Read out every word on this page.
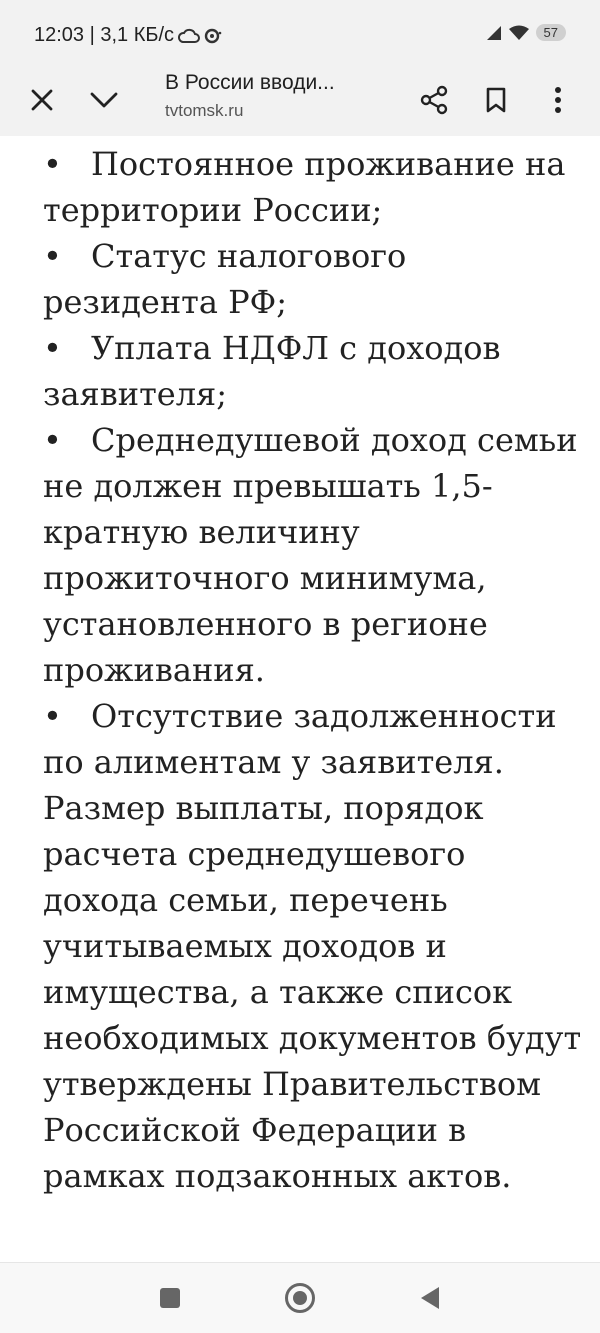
12:03 | 3,1 КБ/с	57
В России вводи...
tvtomsk.ru
• Постоянное проживание на территории России;
• Статус налогового резидента РФ;
• Уплата НДФЛ с доходов заявителя;
• Среднедушевой доход семьи не должен превышать 1,5-кратную величину прожиточного минимума, установленного в регионе проживания.
• Отсутствие задолженности по алиментам у заявителя.
Размер выплаты, порядок расчета среднедушевого дохода семьи, перечень учитываемых доходов и имущества, а также список необходимых документов будут утверждены Правительством Российской Федерации в рамках подзаконных актов.
